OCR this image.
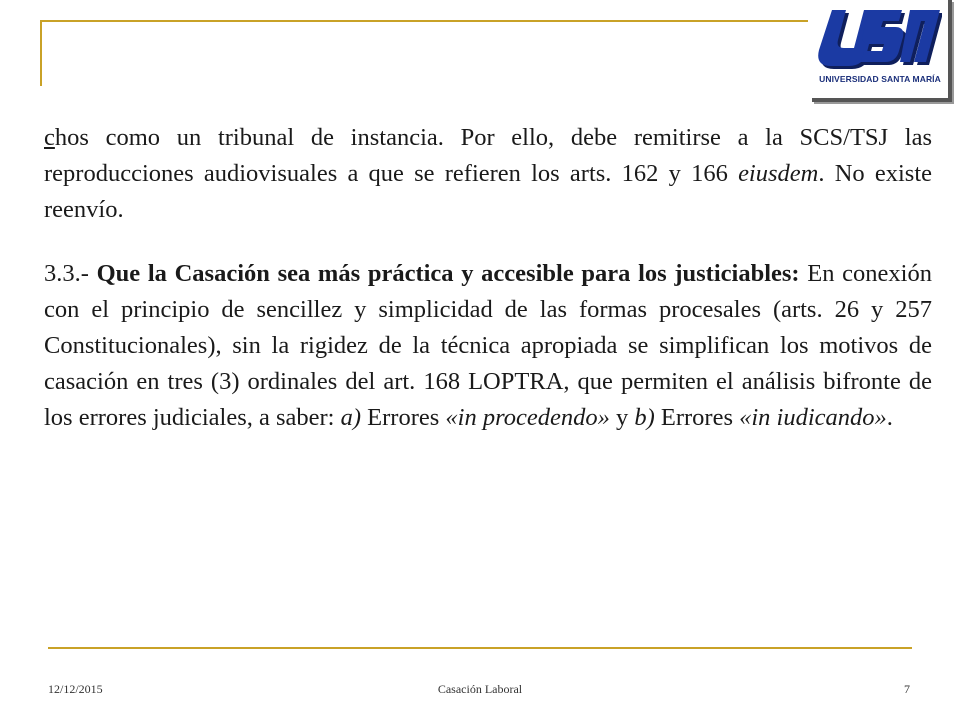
UNIVERSIDAD SANTA MARÍA
chos como un tribunal de instancia. Por ello, debe remitirse a la SCS/TSJ las reproducciones audiovisuales a que se refieren los arts. 162 y 166 eiusdem. No existe reenvío.
3.3.- Que la Casación sea más práctica y accesible para los justiciables: En conexión con el principio de sencillez y simplicidad de las formas procesales (arts. 26 y 257 Constitucionales), sin la rigidez de la técnica apropiada se simplifican los motivos de casación en tres (3) ordinales del art. 168 LOPTRA, que permiten el análisis bifronte de los errores judiciales, a saber: a) Errores «in procedendo» y b) Errores «in iudicando».
12/12/2015	Casación Laboral	7
